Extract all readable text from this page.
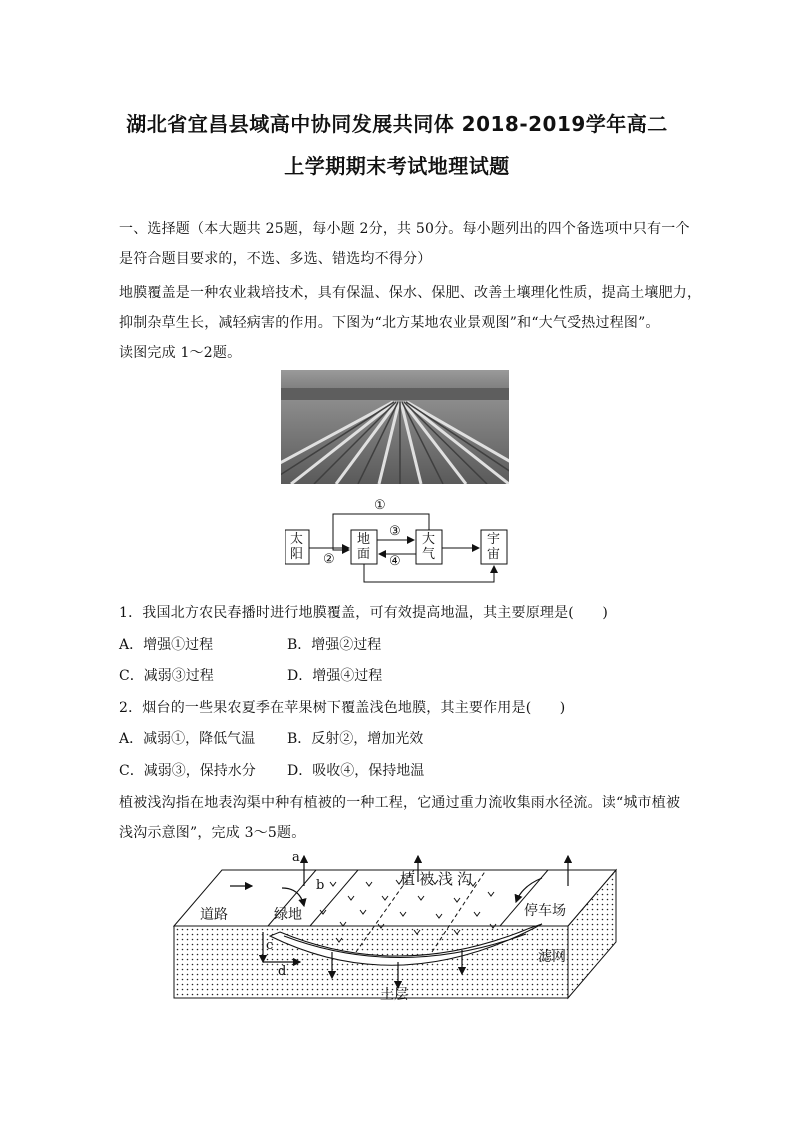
湖北省宜昌县域高中协同发展共同体 2018-2019学年高二
上学期期末考试地理试题
一、选择题（本大题共 25题，每小题 2分，共 50分。每小题列出的四个备选项中只有一个
是符合题目要求的，不选、多选、错选均不得分）
地膜覆盖是一种农业栽培技术，具有保温、保水、保肥、改善土壤理化性质，提高土壤肥力，
抑制杂草生长，减轻病害的作用。下图为“北方某地农业景观图”和“大气受热过程图”。
读图完成 1～2题。
太阳
地面
大气
宇宙
①
②
③
④
1．我国北方农民春播时进行地膜覆盖，可有效提高地温，其主要原理是(　　)
A．增强①过程	B．增强②过程
C．减弱③过程	D．增强④过程
2．烟台的一些果农夏季在苹果树下覆盖浅色地膜，其主要作用是(　　)
A．减弱①，降低气温 B．反射②，增加光效
C．减弱③，保持水分 D．吸收④，保持地温
植被浅沟指在地表沟渠中种有植被的一种工程，它通过重力流收集雨水径流。读“城市植被
浅沟示意图”，完成 3～5题。
道路	绿地
植被浅沟
停车场
滤网
土层
a
b
c
d
